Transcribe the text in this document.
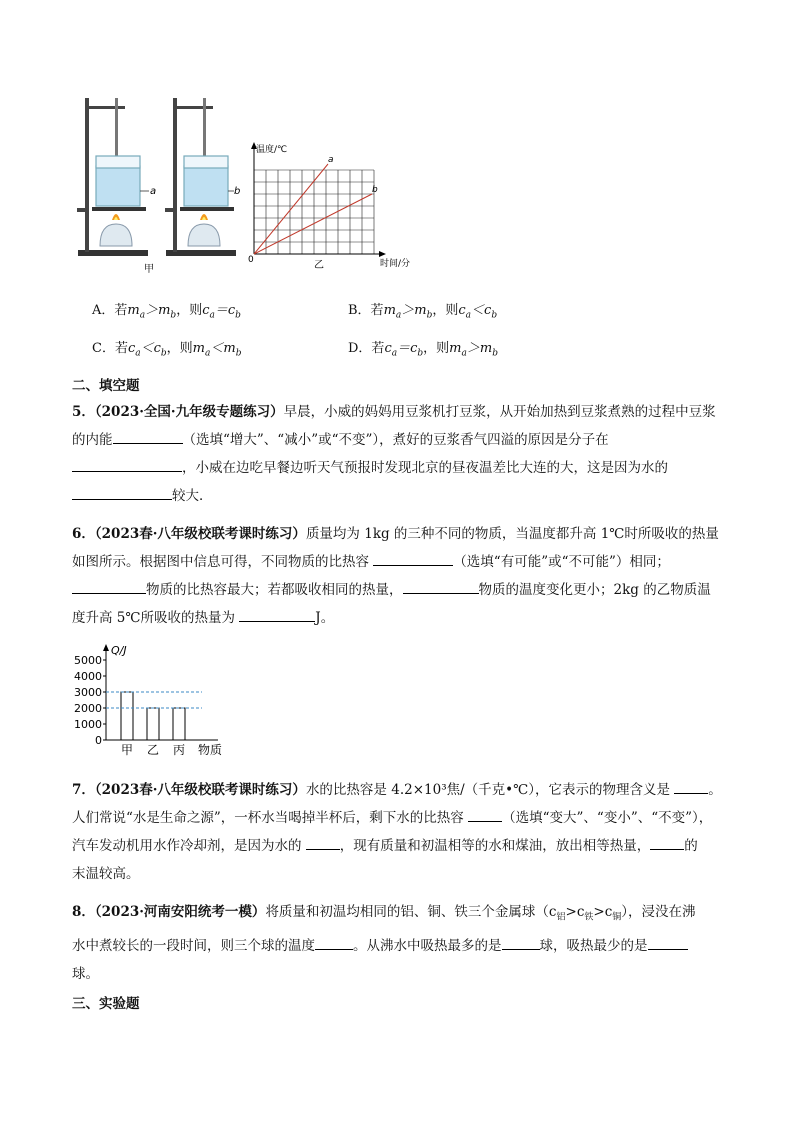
a
甲
b
温度/℃
时间/分
0
a
b
乙
A．若$m_a>m_b$，则$c_a=c_b$	B．若$m_a>m_b$，则$c_a<c_b$
C．若$c_a<c_b$，则$m_a<m_b$	D．若$c_a=c_b$，则$m_a>m_b$
二、填空题
5．（2023·全国·九年级专题练习）早晨，小威的妈妈用豆浆机打豆浆，从开始加热到豆浆煮熟的过程中豆浆
的内能	（选填“增大”、“减小”或“不变”），煮好的豆浆香气四溢的原因是分子在
，小威在边吃早餐边听天气预报时发现北京的昼夜温差比大连的大，这是因为水的
较大．
6．（2023春·八年级校联考课时练习）质量均为 1kg 的三种不同的物质，当温度都升高 1℃时所吸收的热量
如图所示。根据图中信息可得，不同物质的比热容	（选填“有可能”或“不可能”）相同；
物质的比热容最大；若都吸收相同的热量，	物质的温度变化更小；2kg 的乙物质温
度升高 5℃所吸收的热量为	J。
Q/J
0
1000
2000
3000
4000
5000
甲 乙 丙 物质
7．（2023春·八年级校联考课时练习）水的比热容是 4.2×10³焦/（千克•℃），它表示的物理含义是	。
人们常说“水是生命之源”，一杯水当喝掉半杯后，剩下水的比热容	（选填“变大”、“变小”、“不变”），
汽车发动机用水作冷却剂，是因为水的	，现有质量和初温相等的水和煤油，放出相等热量，	的
末温较高。
8．（2023·河南安阳统考一模）将质量和初温均相同的铝、铜、铁三个金属球$(c_铝>c_铁>c_铜)$，浸没在沸
水中煮较长的一段时间，则三个球的温度	。从沸水中吸热最多的是	球，吸热最少的是
球。
三、实验题
